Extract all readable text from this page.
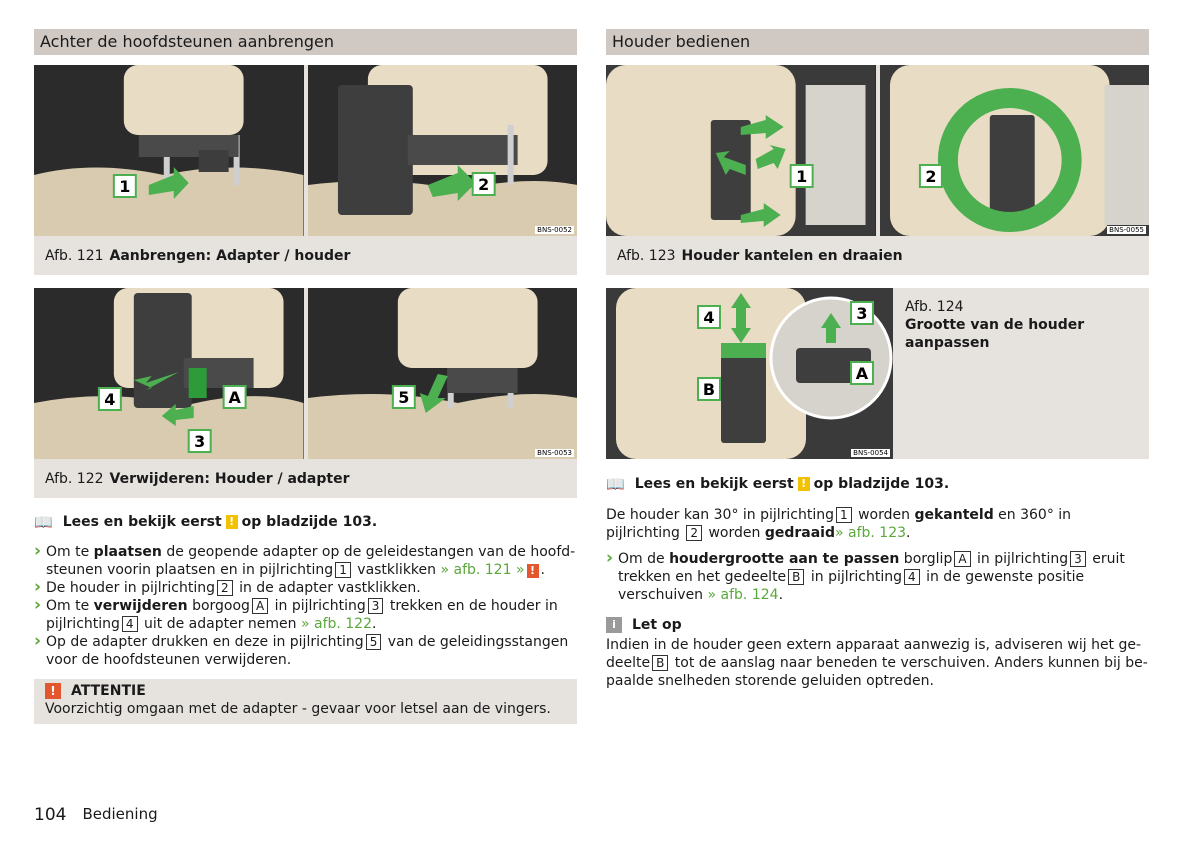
Achter de hoofdsteunen aanbrengen
1	2
BNS-0052
Afb. 121 Aanbrengen: Adapter / houder
4	A
3
5
BNS-0053
Afb. 122 Verwijderen: Houder / adapter
📖 Lees en bekijk eerst ! op bladzijde 103.
› Om te plaatsen de geopende adapter op de geleidestangen van de hoofdsteunen voorin plaatsen en in pijlrichting 1 vastklikken » afb. 121 » ! .
› De houder in pijlrichting 2 in de adapter vastklikken.
› Om te verwijderen borgoog A in pijlrichting 3 trekken en de houder in pijlrichting 4 uit de adapter nemen » afb. 122.
› Op de adapter drukken en deze in pijlrichting 5 van de geleidingsstangen voor de hoofdsteunen verwijderen.
!	ATTENTIE
Voorzichtig omgaan met de adapter - gevaar voor letsel aan de vingers.
Houder bedienen
1	2
BNS-0055
Afb. 123 Houder kantelen en draaien
4	3
A
B
BNS-0054
Afb. 124
Grootte van de houder aanpassen
📖 Lees en bekijk eerst ! op bladzijde 103.
De houder kan 30° in pijlrichting 1 worden gekanteld en 360° in pijlrichting 2 worden gedraaid» afb. 123.
› Om de houdergrootte aan te passen borglip A in pijlrichting 3 eruit trekken en het gedeelte B in pijlrichting 4 in de gewenste positie verschuiven » afb. 124.
i	Let op
Indien in de houder geen extern apparaat aanwezig is, adviseren wij het gedeelte B tot de aanslag naar beneden te verschuiven. Anders kunnen bij bepaalde snelheden storende geluiden optreden.
104 Bediening
